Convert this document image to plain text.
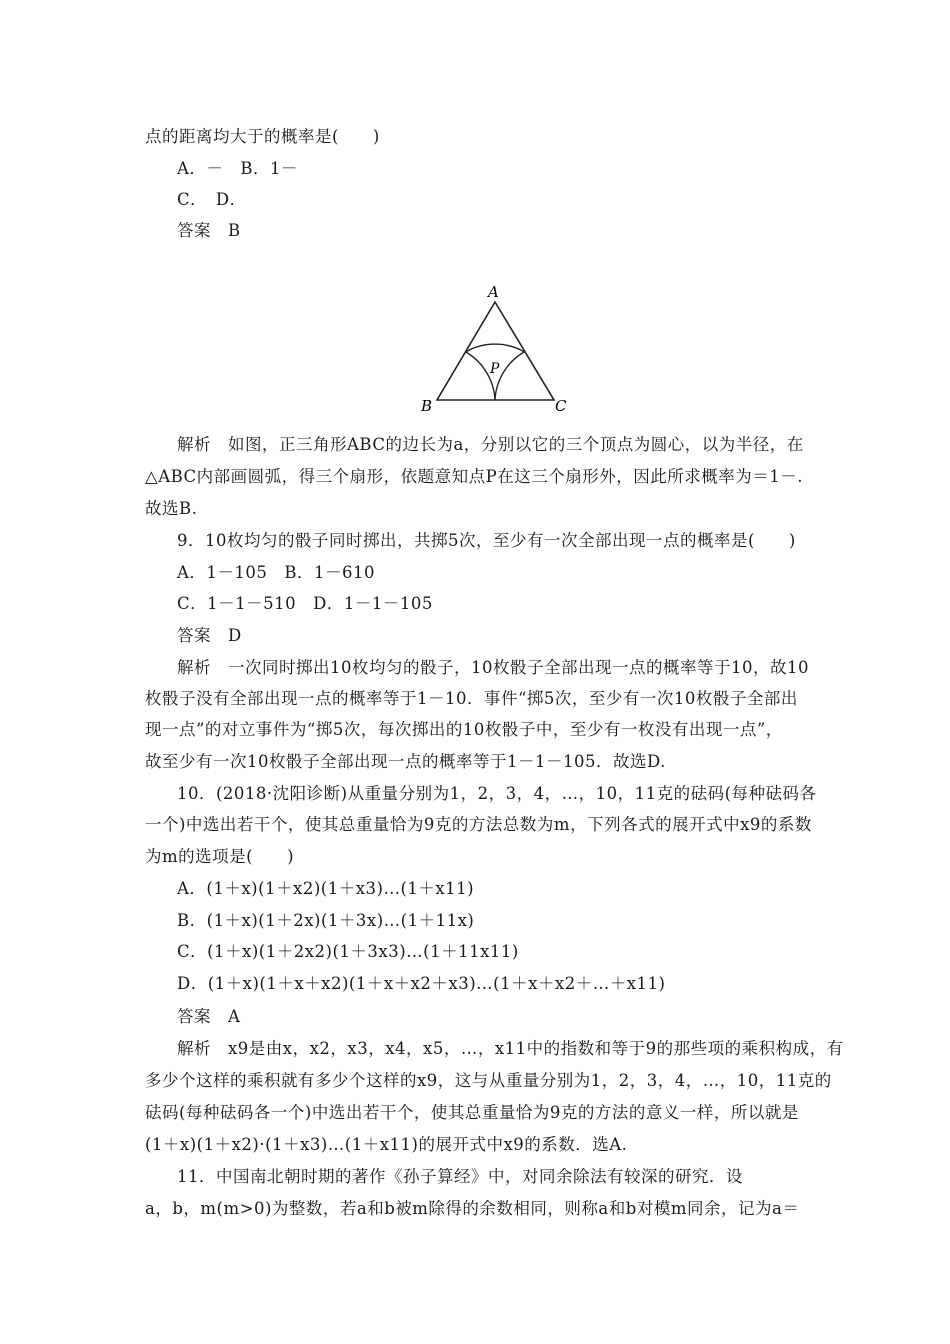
点的距离均大于的概率是(　　)
A．－　B．1－
C．　D．
答案　B
A
B	C
P
解析　如图，正三角形ABC的边长为a，分别以它的三个顶点为圆心，以为半径，在
△ABC内部画圆弧，得三个扇形，依题意知点P在这三个扇形外，因此所求概率为＝1－.
故选B.
9．10枚均匀的骰子同时掷出，共掷5次，至少有一次全部出现一点的概率是(　　)
A．1－105　B．1－610
C．1－1－510　D．1－1－105
答案　D
解析　一次同时掷出10枚均匀的骰子，10枚骰子全部出现一点的概率等于10，故10
枚骰子没有全部出现一点的概率等于1－10．事件“掷5次，至少有一次10枚骰子全部出
现一点”的对立事件为“掷5次，每次掷出的10枚骰子中，至少有一枚没有出现一点”，
故至少有一次10枚骰子全部出现一点的概率等于1－1－105．故选D.
10．(2018·沈阳诊断)从重量分别为1，2，3，4，…，10，11克的砝码(每种砝码各
一个)中选出若干个，使其总重量恰为9克的方法总数为m，下列各式的展开式中x9的系数
为m的选项是(　　)
A．(1＋x)(1＋x2)(1＋x3)…(1＋x11)
B．(1＋x)(1＋2x)(1＋3x)…(1＋11x)
C．(1＋x)(1＋2x2)(1＋3x3)…(1＋11x11)
D．(1＋x)(1＋x＋x2)(1＋x＋x2＋x3)…(1＋x＋x2＋…＋x11)
答案　A
解析　x9是由x，x2，x3，x4，x5，…，x11中的指数和等于9的那些项的乘积构成，有
多少个这样的乘积就有多少个这样的x9，这与从重量分别为1，2，3，4，…，10，11克的
砝码(每种砝码各一个)中选出若干个，使其总重量恰为9克的方法的意义一样，所以就是
(1＋x)(1＋x2)·(1＋x3)…(1＋x11)的展开式中x9的系数．选A.
11．中国南北朝时期的著作《孙子算经》中，对同余除法有较深的研究．设
a，b，m(m>0)为整数，若a和b被m除得的余数相同，则称a和b对模m同余，记为a＝
